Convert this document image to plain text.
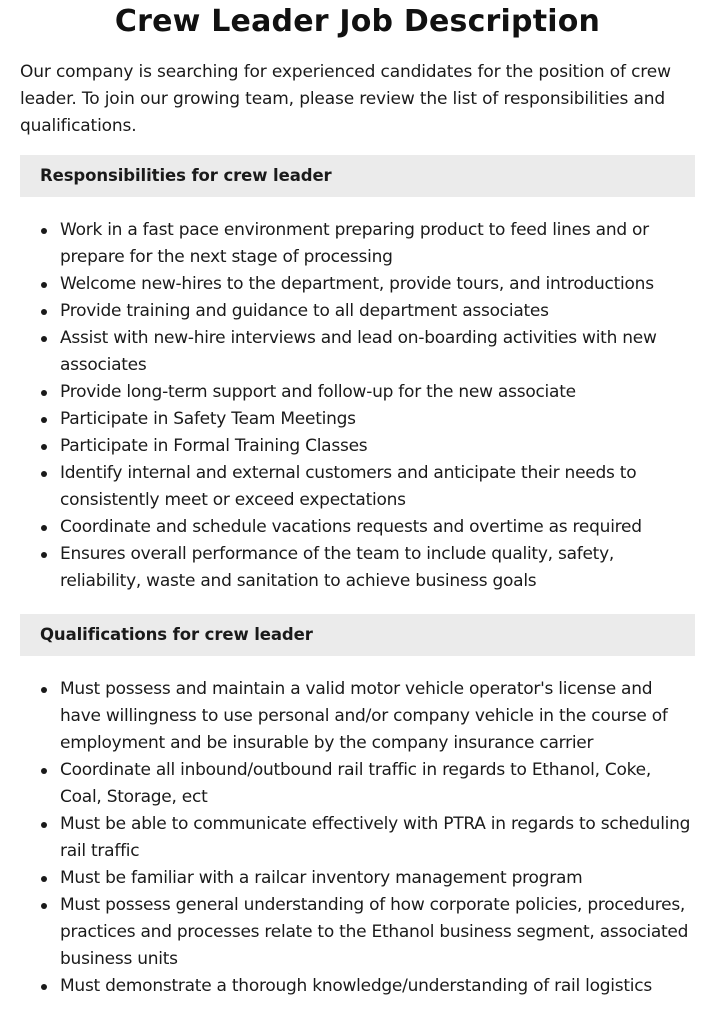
Crew Leader Job Description

Our company is searching for experienced candidates for the position of crew leader. To join our growing team, please review the list of responsibilities and qualifications.

Responsibilities for crew leader
Work in a fast pace environment preparing product to feed lines and or prepare for the next stage of processing
Welcome new-hires to the department, provide tours, and introductions
Provide training and guidance to all department associates
Assist with new-hire interviews and lead on-boarding activities with new associates
Provide long-term support and follow-up for the new associate
Participate in Safety Team Meetings
Participate in Formal Training Classes
Identify internal and external customers and anticipate their needs to consistently meet or exceed expectations
Coordinate and schedule vacations requests and overtime as required
Ensures overall performance of the team to include quality, safety, reliability, waste and sanitation to achieve business goals
Qualifications for crew leader
Must possess and maintain a valid motor vehicle operator's license and have willingness to use personal and/or company vehicle in the course of employment and be insurable by the company insurance carrier
Coordinate all inbound/outbound rail traffic in regards to Ethanol, Coke, Coal, Storage, ect
Must be able to communicate effectively with PTRA in regards to scheduling rail traffic
Must be familiar with a railcar inventory management program
Must possess general understanding of how corporate policies, procedures, practices and processes relate to the Ethanol business segment, associated business units
Must demonstrate a thorough knowledge/understanding of rail logistics
